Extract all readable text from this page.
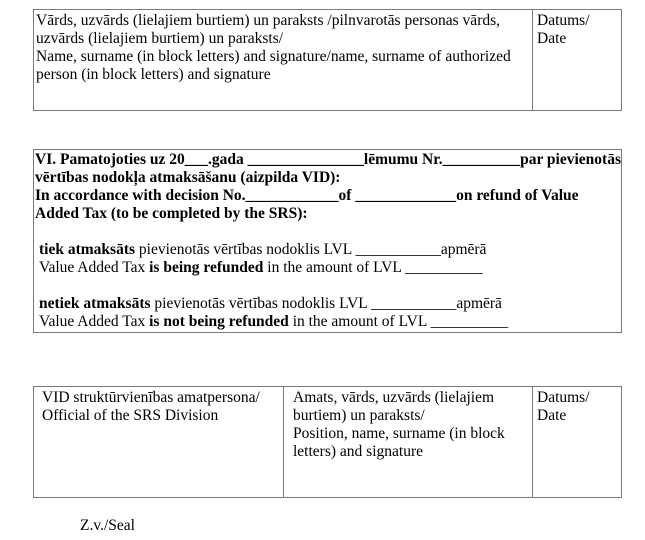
Vārds, uzvārds (lielajiem burtiem) un paraksts /pilnvarotās personas vārds,
uzvārds (lielajiem burtiem) un paraksts/
Name, surname (in block letters) and signature/name, surname of authorized
person (in block letters) and signature
Datums/
Date
VI. Pamatojoties uz 20___.gada _______________lēmumu Nr.__________par pievienotās
vērtības nodokļa atmaksāšanu (aizpilda VID):
In accordance with decision No.____________of _____________on refund of Value
Added Tax (to be completed by the SRS):
tiek atmaksāts pievienotās vērtības nodoklis LVL ___________apmērā
Value Added Tax is being refunded in the amount of LVL __________
netiek atmaksāts pievienotās vērtības nodoklis LVL ___________apmērā
Value Added Tax is not being refunded in the amount of LVL __________
VID struktūrvienības amatpersona/
Official of the SRS Division
Amats, vārds, uzvārds (lielajiem
burtiem) un paraksts/
Position, name, surname (in block
letters) and signature
Datums/
Date
Z.v./Seal
